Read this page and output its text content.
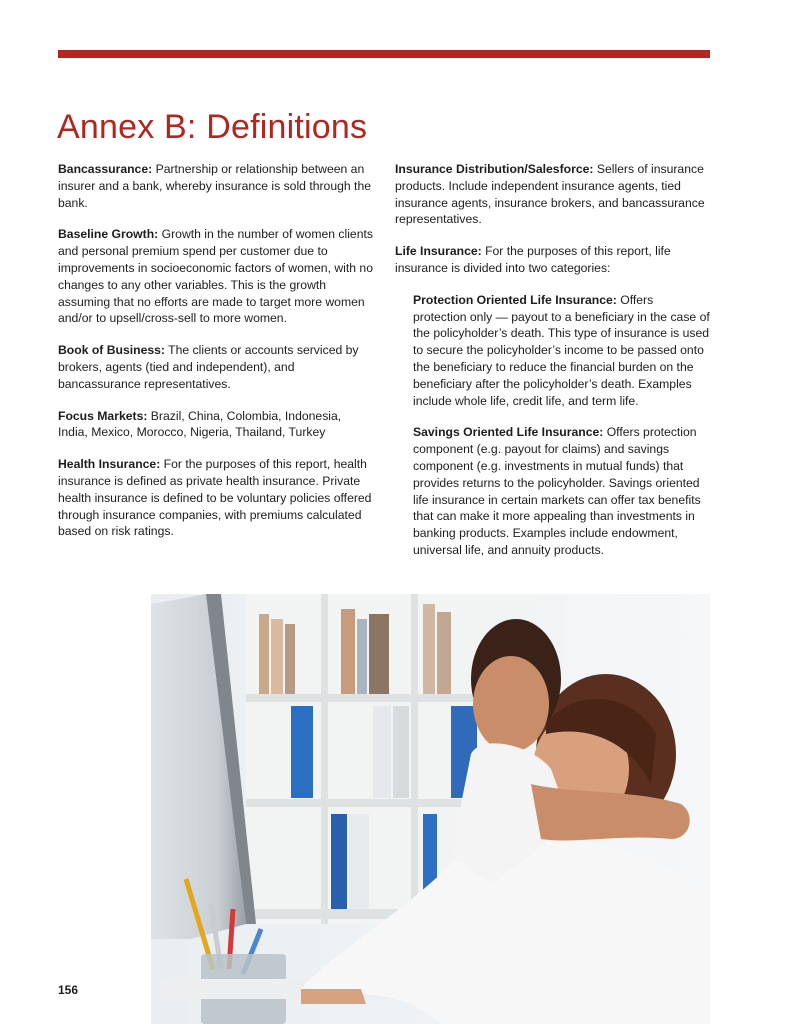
Annex B: Definitions

Bancassurance: Partnership or relationship between an insurer and a bank, whereby insurance is sold through the bank.

Baseline Growth: Growth in the number of women clients and personal premium spend per customer due to improvements in socioeconomic factors of women, with no changes to any other variables. This is the growth assuming that no efforts are made to target more women and/or to upsell/cross-sell to more women.

Book of Business: The clients or accounts serviced by brokers, agents (tied and independent), and bancassurance representatives.

Focus Markets: Brazil, China, Colombia, Indonesia, India, Mexico, Morocco, Nigeria, Thailand, Turkey

Health Insurance: For the purposes of this report, health insurance is defined as private health insurance. Private health insurance is defined to be voluntary policies offered through insurance companies, with premiums calculated based on risk ratings.

Insurance Distribution/Salesforce: Sellers of insurance products. Include independent insurance agents, tied insurance agents, insurance brokers, and bancassurance representatives.

Life Insurance: For the purposes of this report, life insurance is divided into two categories:

Protection Oriented Life Insurance: Offers protection only — payout to a beneficiary in the case of the policyholder’s death. This type of insurance is used to secure the policyholder’s income to be passed onto the beneficiary to reduce the financial burden on the beneficiary after the policyholder’s death. Examples include whole life, credit life, and term life.

Savings Oriented Life Insurance: Offers protection component (e.g. payout for claims) and savings component (e.g. investments in mutual funds) that provides returns to the policyholder. Savings oriented life insurance in certain markets can offer tax benefits that can make it more appealing than investments in banking products. Examples include endowment, universal life, and annuity products.

156
